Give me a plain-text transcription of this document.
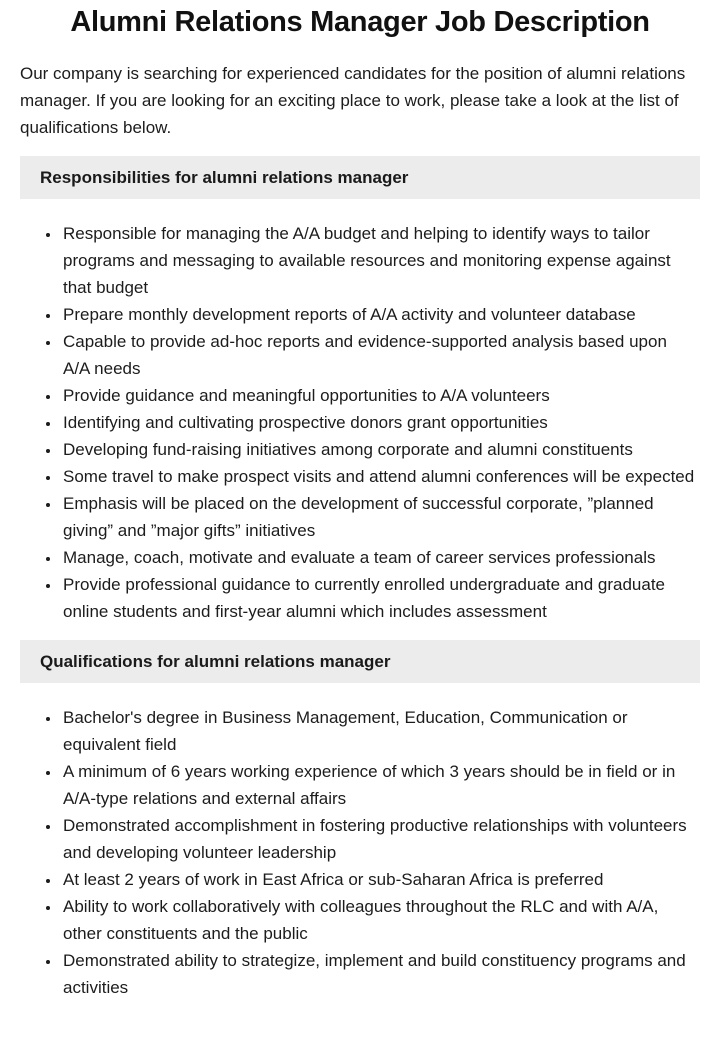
Alumni Relations Manager Job Description

Our company is searching for experienced candidates for the position of alumni relations manager. If you are looking for an exciting place to work, please take a look at the list of qualifications below.

Responsibilities for alumni relations manager
• Responsible for managing the A/A budget and helping to identify ways to tailor programs and messaging to available resources and monitoring expense against that budget
• Prepare monthly development reports of A/A activity and volunteer database
• Capable to provide ad-hoc reports and evidence-supported analysis based upon A/A needs
• Provide guidance and meaningful opportunities to A/A volunteers
• Identifying and cultivating prospective donors grant opportunities
• Developing fund-raising initiatives among corporate and alumni constituents
• Some travel to make prospect visits and attend alumni conferences will be expected
• Emphasis will be placed on the development of successful corporate, ”planned giving” and ”major gifts” initiatives
• Manage, coach, motivate and evaluate a team of career services professionals
• Provide professional guidance to currently enrolled undergraduate and graduate online students and first-year alumni which includes assessment
Qualifications for alumni relations manager
• Bachelor's degree in Business Management, Education, Communication or equivalent field
• A minimum of 6 years working experience of which 3 years should be in field or in A/A-type relations and external affairs
• Demonstrated accomplishment in fostering productive relationships with volunteers and developing volunteer leadership
• At least 2 years of work in East Africa or sub-Saharan Africa is preferred
• Ability to work collaboratively with colleagues throughout the RLC and with A/A, other constituents and the public
• Demonstrated ability to strategize, implement and build constituency programs and activities
